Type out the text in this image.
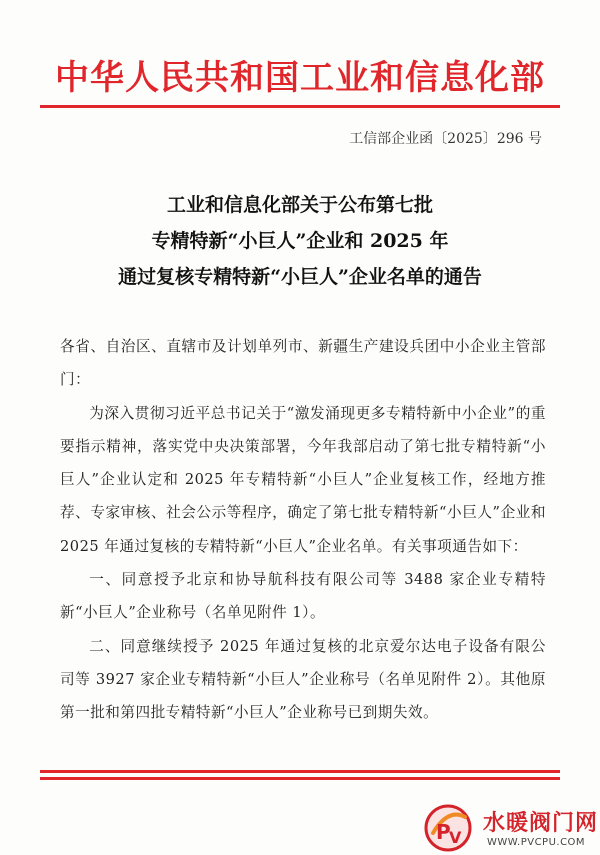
中华人民共和国工业和信息化部
工信部企业函〔2025〕296 号
工业和信息化部关于公布第七批
专精特新“小巨人”企业和 2025 年
通过复核专精特新“小巨人”企业名单的通告

各省、自治区、直辖市及计划单列市、新疆生产建设兵团中小企业主管部门：

为深入贯彻习近平总书记关于“激发涌现更多专精特新中小企业”的重要指示精神，落实党中央决策部署，今年我部启动了第七批专精特新“小巨人”企业认定和 2025 年专精特新“小巨人”企业复核工作，经地方推荐、专家审核、社会公示等程序，确定了第七批专精特新“小巨人”企业和 2025 年通过复核的专精特新“小巨人”企业名单。有关事项通告如下：

一、同意授予北京和协导航科技有限公司等 3488 家企业专精特新“小巨人”企业称号（名单见附件 1）。

二、同意继续授予 2025 年通过复核的北京爱尔达电子设备有限公司等 3927 家企业专精特新“小巨人”企业称号（名单见附件 2）。其他原第一批和第四批专精特新“小巨人”企业称号已到期失效。

P
V
水暖阀门网
WWW.PVCPU.COM
